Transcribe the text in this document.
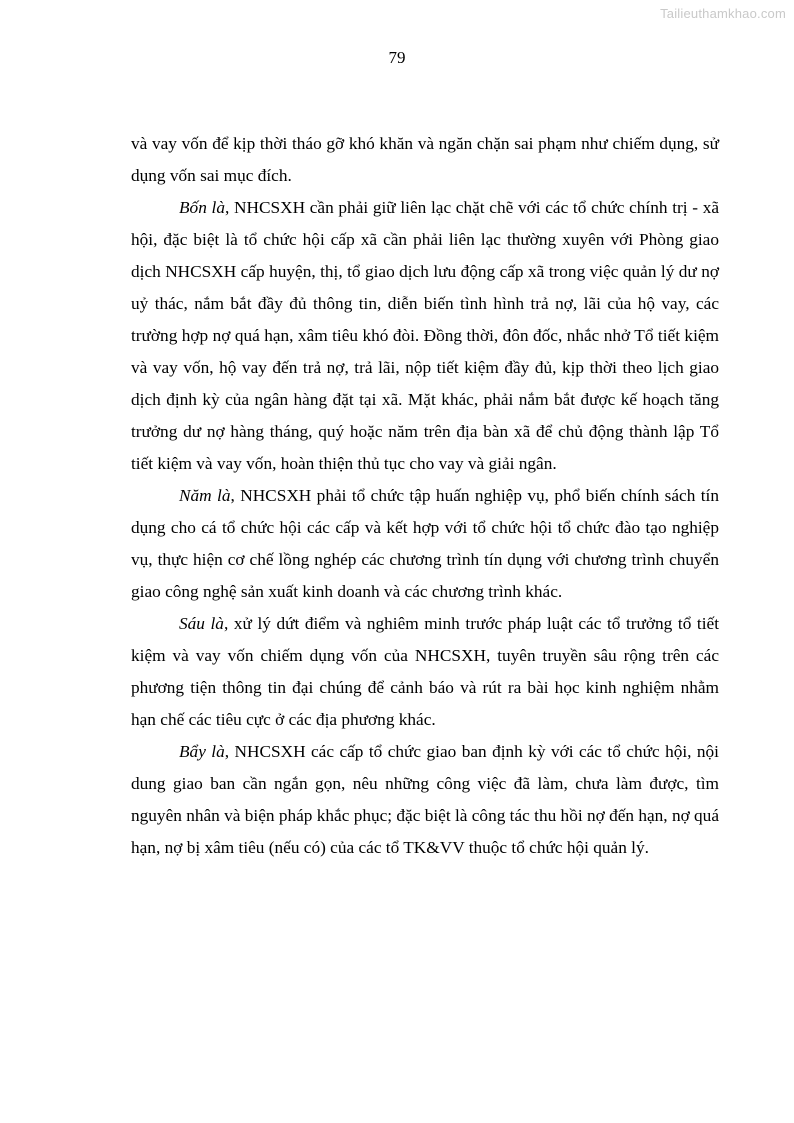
Tailieuthamkhao.com
79

và vay vốn để kịp thời tháo gỡ khó khăn và ngăn chặn sai phạm như chiếm dụng, sử dụng vốn sai mục đích.

Bốn là, NHCSXH cần phải giữ liên lạc chặt chẽ với các tổ chức chính trị - xã hội, đặc biệt là tổ chức hội cấp xã cần phải liên lạc thường xuyên với Phòng giao dịch NHCSXH cấp huyện, thị, tổ giao dịch lưu động cấp xã trong việc quản lý dư nợ uỷ thác, nắm bắt đầy đủ thông tin, diễn biến tình hình trả nợ, lãi của hộ vay, các trường hợp nợ quá hạn, xâm tiêu khó đòi. Đồng thời, đôn đốc, nhắc nhở Tổ tiết kiệm và vay vốn, hộ vay đến trả nợ, trả lãi, nộp tiết kiệm đầy đủ, kịp thời theo lịch giao dịch định kỳ của ngân hàng đặt tại xã. Mặt khác, phải nắm bắt được kế hoạch tăng trưởng dư nợ hàng tháng, quý hoặc năm trên địa bàn xã để chủ động thành lập Tổ tiết kiệm và vay vốn, hoàn thiện thủ tục cho vay và giải ngân.

Năm là, NHCSXH phải tổ chức tập huấn nghiệp vụ, phổ biến chính sách tín dụng cho cá tổ chức hội các cấp và kết hợp với tổ chức hội tổ chức đào tạo nghiệp vụ, thực hiện cơ chế lồng nghép các chương trình tín dụng với chương trình chuyển giao công nghệ sản xuất kinh doanh và các chương trình khác.

Sáu là, xử lý dứt điểm và nghiêm minh trước pháp luật các tổ trưởng tổ tiết kiệm và vay vốn chiếm dụng vốn của NHCSXH, tuyên truyền sâu rộng trên các phương tiện thông tin đại chúng để cảnh báo và rút ra bài học kinh nghiệm nhằm hạn chế các tiêu cực ở các địa phương khác.

Bẩy là, NHCSXH các cấp tổ chức giao ban định kỳ với các tổ chức hội, nội dung giao ban cần ngắn gọn, nêu những công việc đã làm, chưa làm được, tìm nguyên nhân và biện pháp khắc phục; đặc biệt là công tác thu hồi nợ đến hạn, nợ quá hạn, nợ bị xâm tiêu (nếu có) của các tổ TK&VV thuộc tổ chức hội quản lý.
